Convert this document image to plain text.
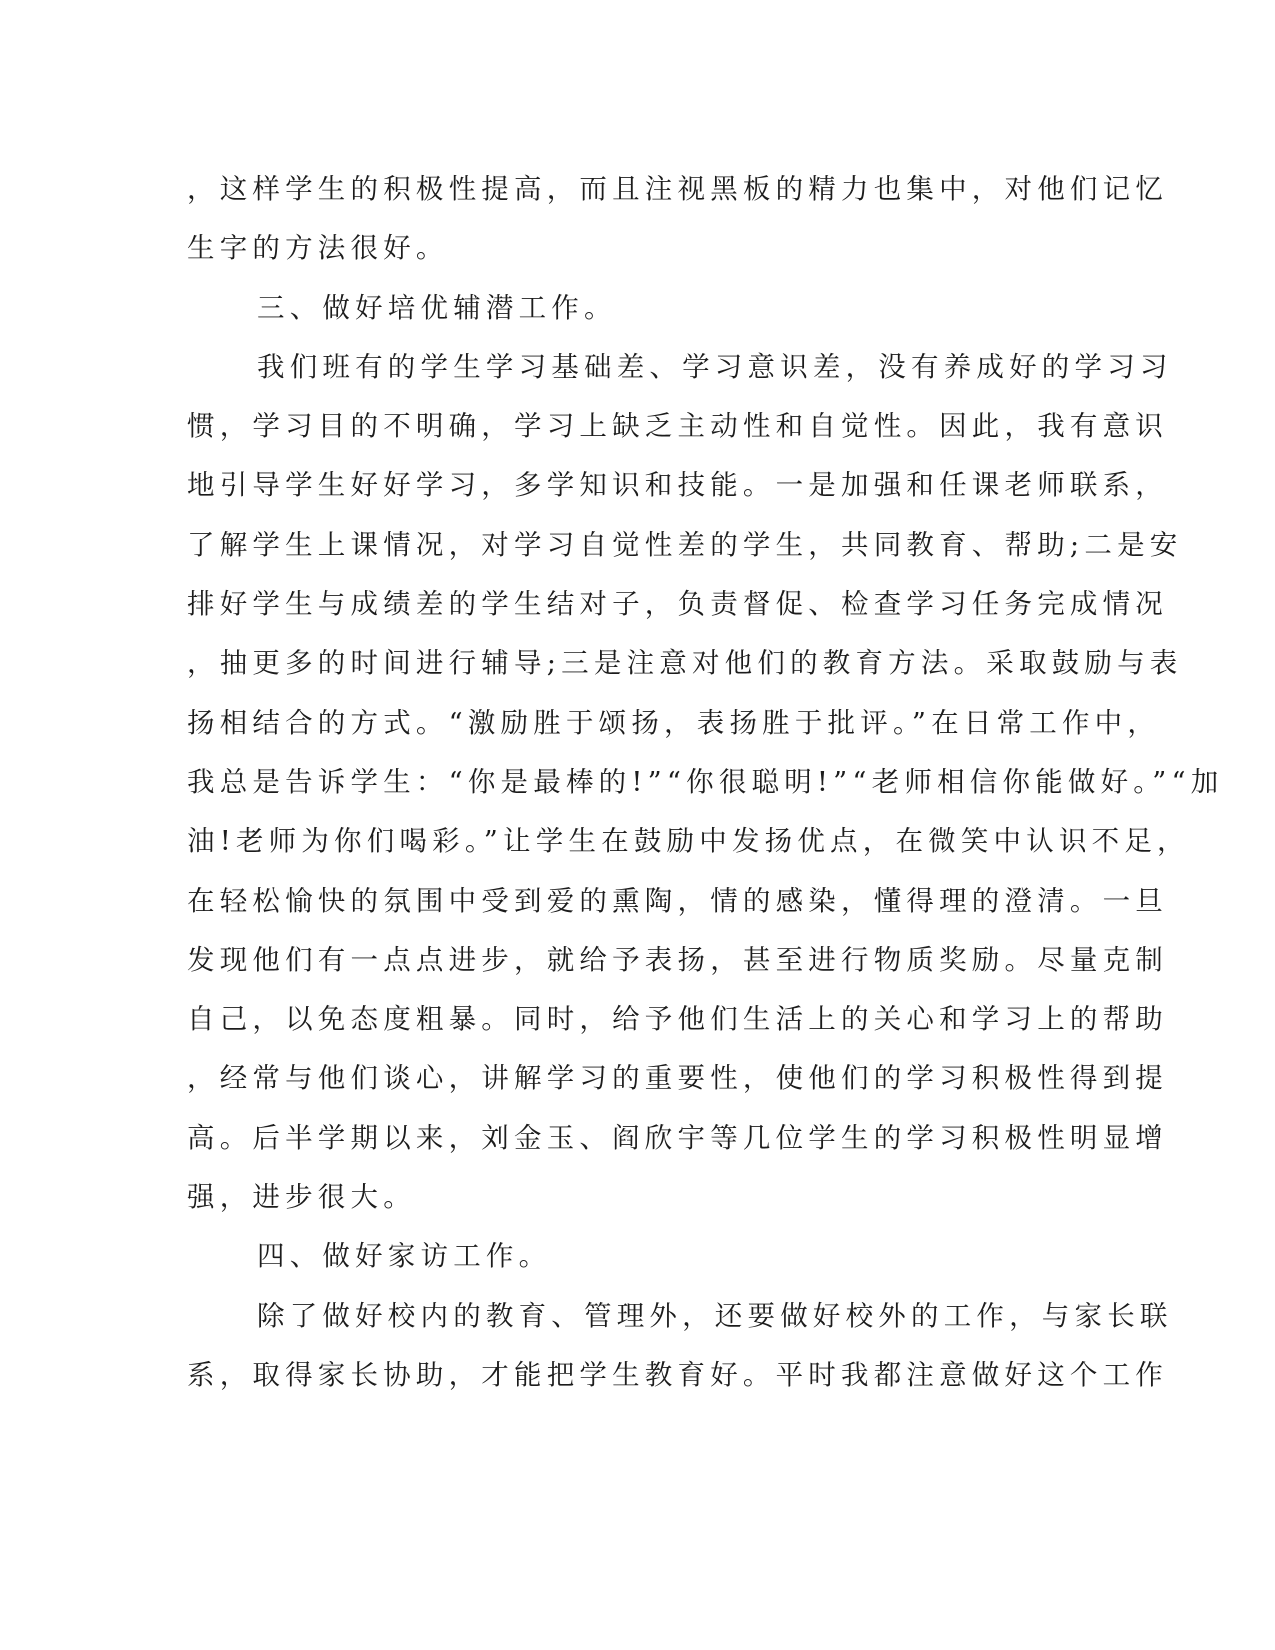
，这样学生的积极性提高，而且注视黑板的精力也集中，对他们记忆
生字的方法很好。
三、做好培优辅潜工作。
我们班有的学生学习基础差、学习意识差，没有养成好的学习习
惯，学习目的不明确，学习上缺乏主动性和自觉性。因此，我有意识
地引导学生好好学习，多学知识和技能。一是加强和任课老师联系，
了解学生上课情况，对学习自觉性差的学生，共同教育、帮助;二是安
排好学生与成绩差的学生结对子，负责督促、检查学习任务完成情况
，抽更多的时间进行辅导;三是注意对他们的教育方法。采取鼓励与表
扬相结合的方式。“激励胜于颂扬，表扬胜于批评。”在日常工作中，
我总是告诉学生：“你是最棒的!”“你很聪明!”“老师相信你能做好。”“加
油!老师为你们喝彩。”让学生在鼓励中发扬优点，在微笑中认识不足，
在轻松愉快的氛围中受到爱的熏陶，情的感染，懂得理的澄清。一旦
发现他们有一点点进步，就给予表扬，甚至进行物质奖励。尽量克制
自己，以免态度粗暴。同时，给予他们生活上的关心和学习上的帮助
，经常与他们谈心，讲解学习的重要性，使他们的学习积极性得到提
高。后半学期以来，刘金玉、阎欣宇等几位学生的学习积极性明显增
强，进步很大。
四、做好家访工作。
除了做好校内的教育、管理外，还要做好校外的工作，与家长联
系，取得家长协助，才能把学生教育好。平时我都注意做好这个工作
